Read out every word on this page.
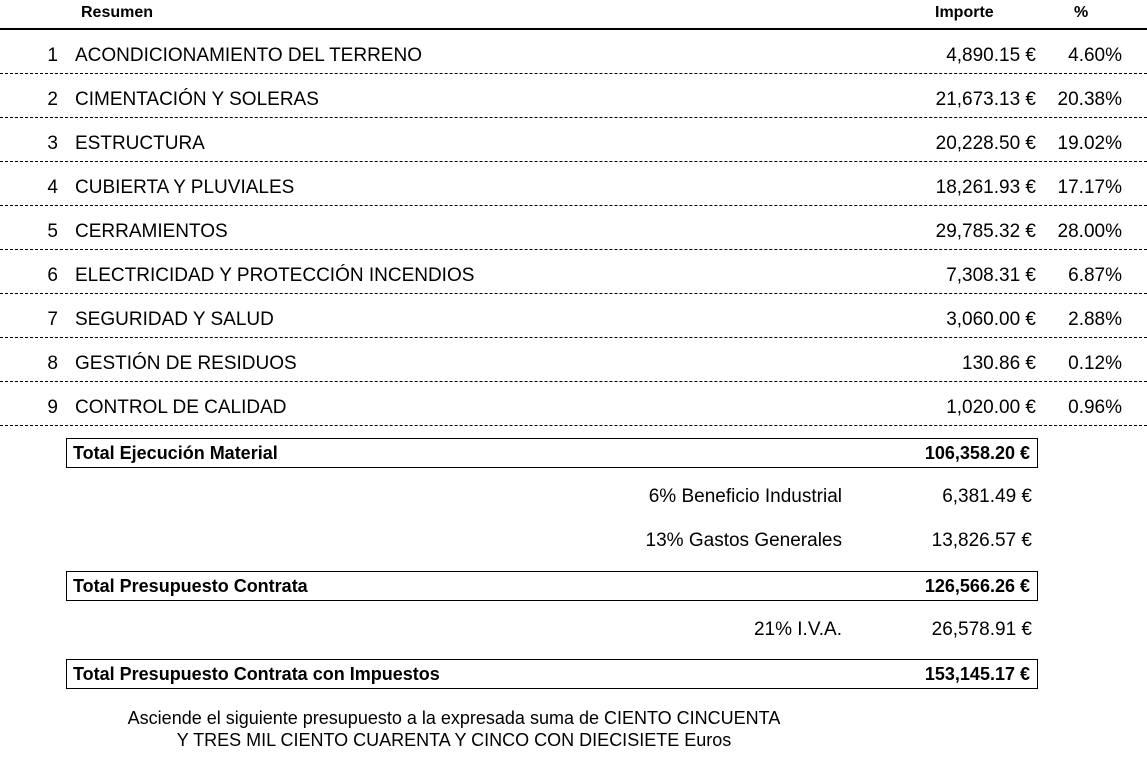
Resumen	Importe	%
1 ACONDICIONAMIENTO DEL TERRENO	4,890.15 € 4.60%
2 CIMENTACIÓN Y SOLERAS	21,673.13 € 20.38%
3 ESTRUCTURA	20,228.50 € 19.02%
4 CUBIERTA Y PLUVIALES	18,261.93 € 17.17%
5 CERRAMIENTOS	29,785.32 € 28.00%
6 ELECTRICIDAD Y PROTECCIÓN INCENDIOS	7,308.31 € 6.87%
7 SEGURIDAD Y SALUD	3,060.00 € 2.88%
8 GESTIÓN DE RESIDUOS	130.86 € 0.12%
9 CONTROL DE CALIDAD	1,020.00 € 0.96%
Total Ejecución Material	106,358.20 €
6% Beneficio Industrial	6,381.49 €
13% Gastos Generales	13,826.57 €
Total Presupuesto Contrata	126,566.26 €
21% I.V.A.	26,578.91 €
Total Presupuesto Contrata con Impuestos	153,145.17 €
Asciende el siguiente presupuesto a la expresada suma de CIENTO CINCUENTA
Y TRES MIL CIENTO CUARENTA Y CINCO CON DIECISIETE Euros
